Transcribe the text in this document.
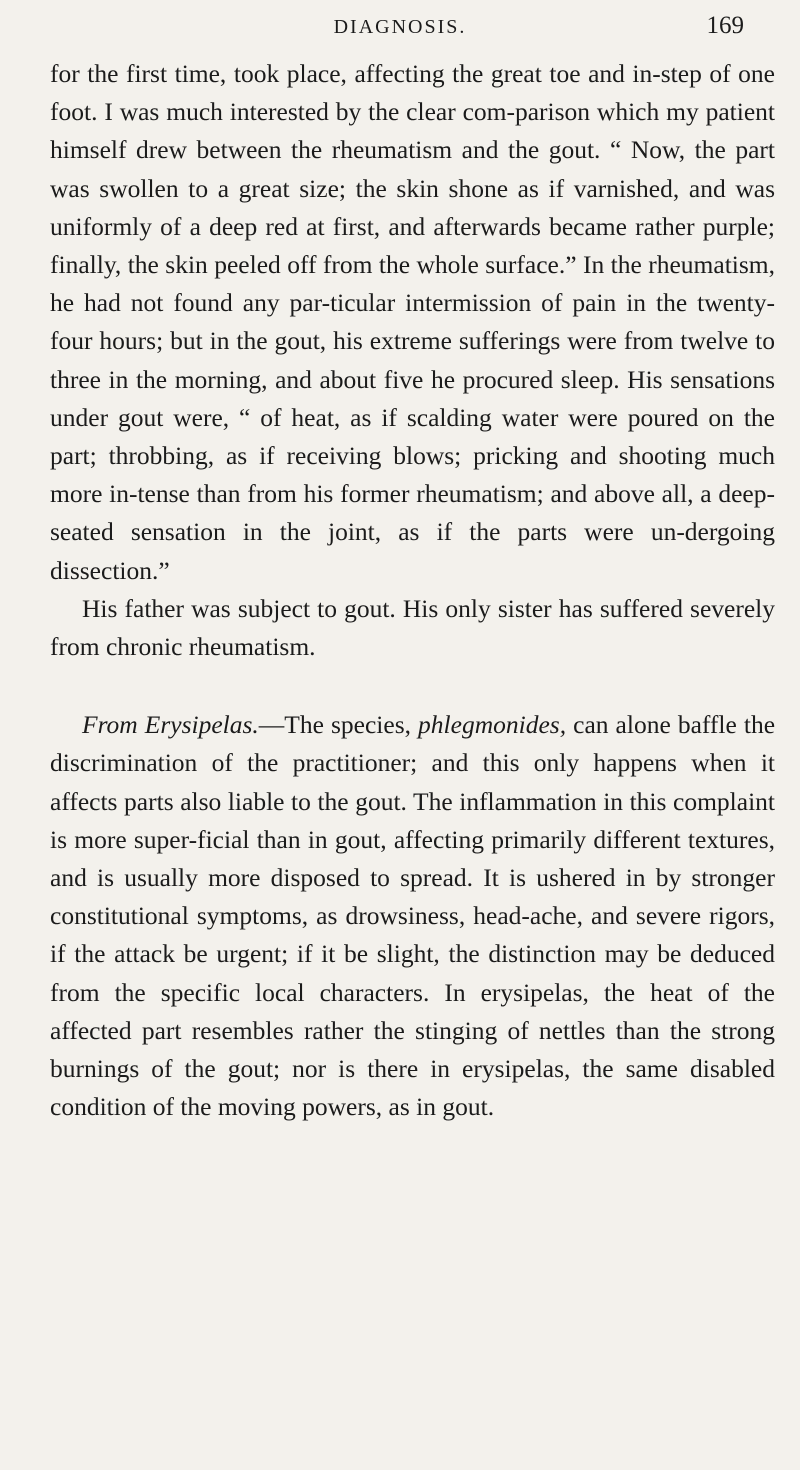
DIAGNOSIS.	169

for the first time, took place, affecting the great toe and in-step of one foot. I was much interested by the clear com-parison which my patient himself drew between the rheumatism and the gout. “ Now, the part was swollen to a great size; the skin shone as if varnished, and was uniformly of a deep red at first, and afterwards became rather purple; finally, the skin peeled off from the whole surface.” In the rheumatism, he had not found any par-ticular intermission of pain in the twenty-four hours; but in the gout, his extreme sufferings were from twelve to three in the morning, and about five he procured sleep. His sensations under gout were, “ of heat, as if scalding water were poured on the part; throbbing, as if receiving blows; pricking and shooting much more in-tense than from his former rheumatism; and above all, a deep-seated sensation in the joint, as if the parts were un-dergoing dissection.”

His father was subject to gout. His only sister has suffered severely from chronic rheumatism.

From Erysipelas.—The species, phlegmonides, can alone baffle the discrimination of the practitioner; and this only happens when it affects parts also liable to the gout. The inflammation in this complaint is more super-ficial than in gout, affecting primarily different textures, and is usually more disposed to spread. It is ushered in by stronger constitutional symptoms, as drowsiness, head-ache, and severe rigors, if the attack be urgent; if it be slight, the distinction may be deduced from the specific local characters. In erysipelas, the heat of the affected part resembles rather the stinging of nettles than the strong burnings of the gout; nor is there in erysipelas, the same disabled condition of the moving powers, as in gout.
